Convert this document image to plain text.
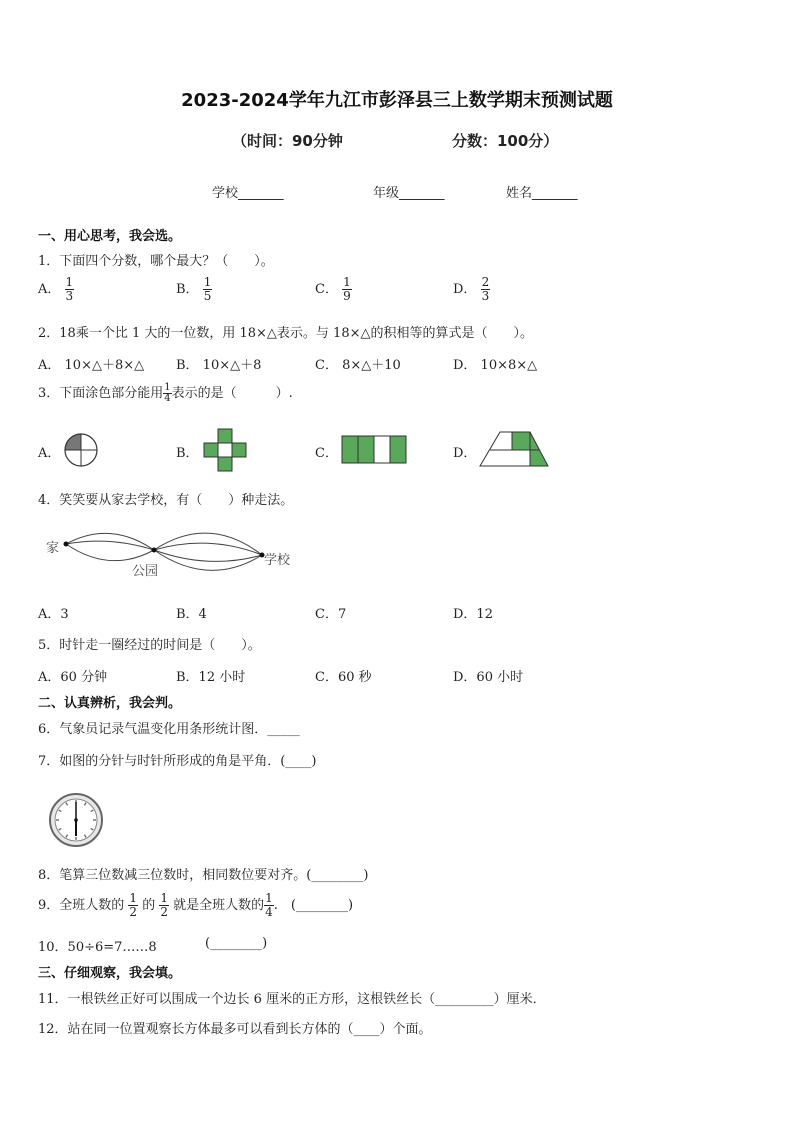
2023-2024学年九江市彭泽县三上数学期末预测试题
（时间：90分钟	分数：100分）
学校_______	年级_______	姓名_______
一、用心思考，我会选。
1．下面四个分数，哪个最大？（　　）。
A． $\frac{1}{3}$	B． $\frac{1}{5}$	C． $\frac{1}{9}$	D． $\frac{2}{3}$
2．18乘一个比 1 大的一位数，用 18×△表示。与 18×△的积相等的算式是（　　）。
A． 10×△＋8×△ B． 10×△＋8	C． 8×△＋10	D． 10×8×△
3．下面涂色部分能用 $\frac{1}{4}$ 表示的是（　　　）.
A．	B．	C．	D．
4．笑笑要从家去学校，有（　　）种走法。
家
公园
学校
A．3	B．4	C．7	D．12
5．时针走一圈经过的时间是（　　）。
A．60 分钟	B．12 小时	C．60 秒	D．60 小时
二、认真辨析，我会判。
6．气象员记录气温变化用条形统计图．_____
7．如图的分针与时针所形成的角是平角．(____)
8．笔算三位数减三位数时，相同数位要对齐。(________)
9．全班人数的 $\frac{1}{2}$ 的 $\frac{1}{2}$ 就是全班人数的 $\frac{1}{4}$ .　(________)
10．50÷6=7……8	(________)
三、仔细观察，我会填。
11．一根铁丝正好可以围成一个边长 6 厘米的正方形，这根铁丝长（_________）厘米．
12．站在同一位置观察长方体最多可以看到长方体的（____）个面。
